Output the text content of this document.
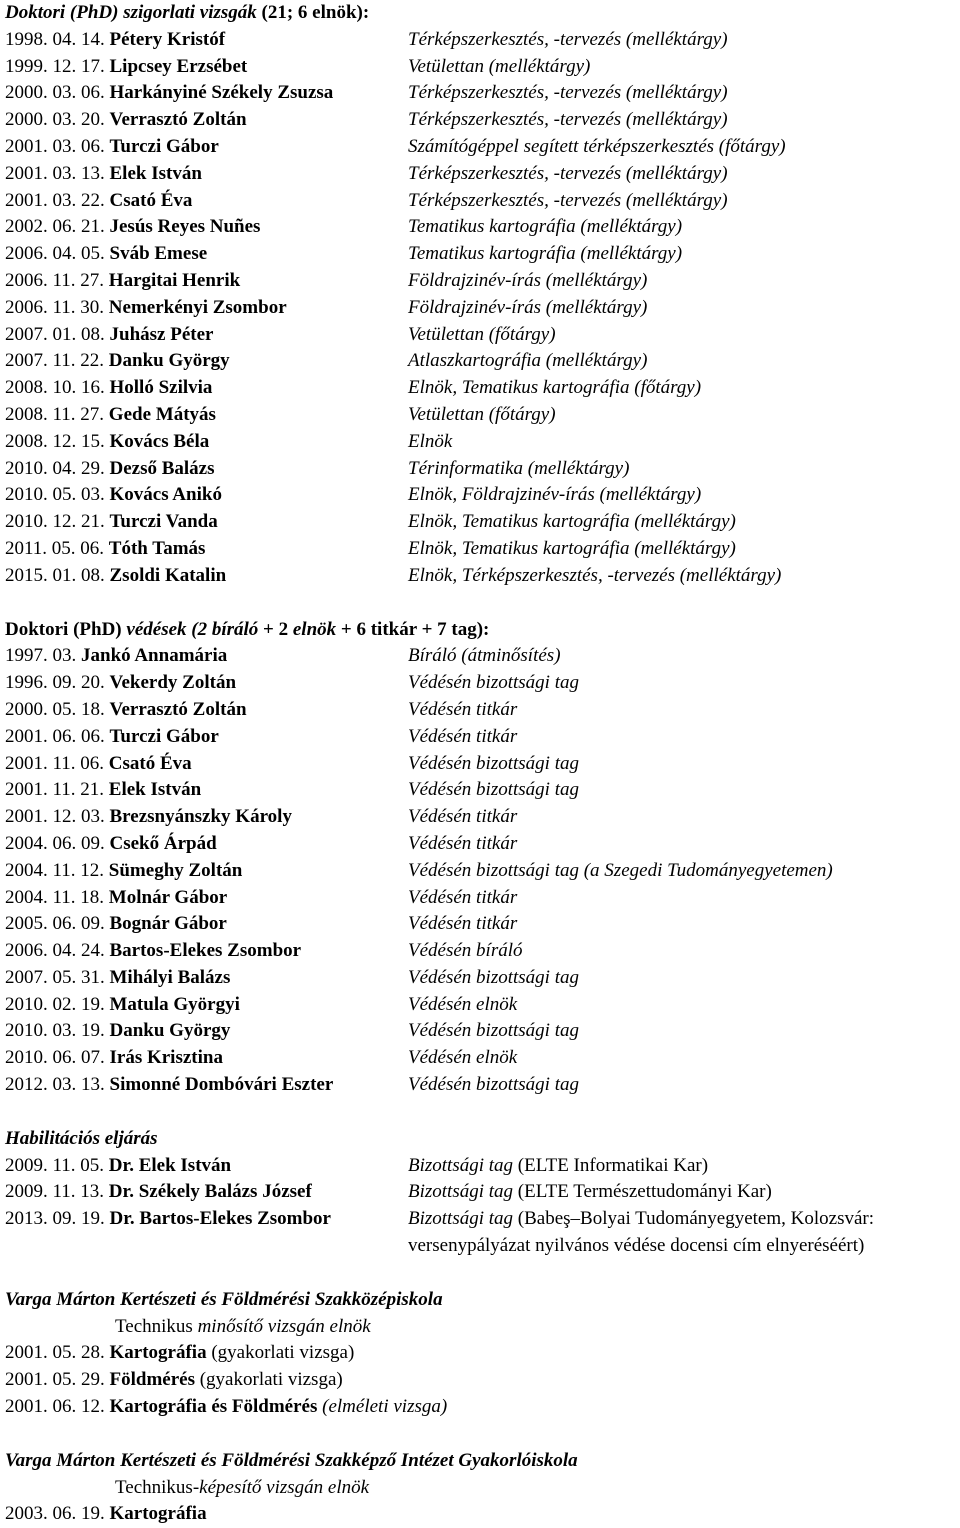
Doktori (PhD) szigorlati vizsgák (21; 6 elnök):
1998. 04. 14. Pétery Kristóf	Térképszerkesztés, -tervezés (melléktárgy)
1999. 12. 17. Lipcsey Erzsébet	Vetülettan (melléktárgy)
2000. 03. 06. Harkányiné Székely Zsuzsa	Térképszerkesztés, -tervezés (melléktárgy)
2000. 03. 20. Verrasztó Zoltán	Térképszerkesztés, -tervezés (melléktárgy)
2001. 03. 06. Turczi Gábor	Számítógéppel segített térképszerkesztés (főtárgy)
2001. 03. 13. Elek István	Térképszerkesztés, -tervezés (melléktárgy)
2001. 03. 22. Csató Éva	Térképszerkesztés, -tervezés (melléktárgy)
2002. 06. 21. Jesús Reyes Nuñes	Tematikus kartográfia (melléktárgy)
2006. 04. 05. Sváb Emese	Tematikus kartográfia (melléktárgy)
2006. 11. 27. Hargitai Henrik	Földrajzinév-írás (melléktárgy)
2006. 11. 30. Nemerkényi Zsombor	Földrajzinév-írás (melléktárgy)
2007. 01. 08. Juhász Péter	Vetülettan (főtárgy)
2007. 11. 22. Danku György	Atlaszkartográfia (melléktárgy)
2008. 10. 16. Holló Szilvia	Elnök, Tematikus kartográfia (főtárgy)
2008. 11. 27. Gede Mátyás	Vetülettan (főtárgy)
2008. 12. 15. Kovács Béla	Elnök
2010. 04. 29. Dezső Balázs	Térinformatika (melléktárgy)
2010. 05. 03. Kovács Anikó	Elnök, Földrajzinév-írás (melléktárgy)
2010. 12. 21. Turczi Vanda	Elnök, Tematikus kartográfia (melléktárgy)
2011. 05. 06. Tóth Tamás	Elnök, Tematikus kartográfia (melléktárgy)
2015. 01. 08. Zsoldi Katalin	Elnök, Térképszerkesztés, -tervezés (melléktárgy)
Doktori (PhD) védések (2 bíráló + 2 elnök + 6 titkár + 7 tag):
1997. 03. Jankó Annamária	Bíráló (átminősítés)
1996. 09. 20. Vekerdy Zoltán	Védésén bizottsági tag
2000. 05. 18. Verrasztó Zoltán	Védésén titkár
2001. 06. 06. Turczi Gábor	Védésén titkár
2001. 11. 06. Csató Éva	Védésén bizottsági tag
2001. 11. 21. Elek István	Védésén bizottsági tag
2001. 12. 03. Brezsnyánszky Károly	Védésén titkár
2004. 06. 09. Csekő Árpád	Védésén titkár
2004. 11. 12. Sümeghy Zoltán	Védésén bizottsági tag (a Szegedi Tudományegyetemen)
2004. 11. 18. Molnár Gábor	Védésén titkár
2005. 06. 09. Bognár Gábor	Védésén titkár
2006. 04. 24. Bartos-Elekes Zsombor	Védésén bíráló
2007. 05. 31. Mihályi Balázs	Védésén bizottsági tag
2010. 02. 19. Matula Györgyi	Védésén elnök
2010. 03. 19. Danku György	Védésén bizottsági tag
2010. 06. 07. Irás Krisztina	Védésén elnök
2012. 03. 13. Simonné Dombóvári Eszter	Védésén bizottsági tag
Habilitációs eljárás
2009. 11. 05. Dr. Elek István	Bizottsági tag (ELTE Informatikai Kar)
2009. 11. 13. Dr. Székely Balázs József	Bizottsági tag (ELTE Természettudományi Kar)
2013. 09. 19. Dr. Bartos-Elekes Zsombor	Bizottsági tag (Babeş–Bolyai Tudományegyetem, Kolozsvár:
versenypályázat nyilvános védése docensi cím elnyeréséért)
Varga Márton Kertészeti és Földmérési Szakközépiskola
Technikus minősítő vizsgán elnök
2001. 05. 28. Kartográfia (gyakorlati vizsga)
2001. 05. 29. Földmérés (gyakorlati vizsga)
2001. 06. 12. Kartográfia és Földmérés (elméleti vizsga)
Varga Márton Kertészeti és Földmérési Szakképző Intézet Gyakorlóiskola
Technikus-képesítő vizsgán elnök
2003. 06. 19. Kartográfia
